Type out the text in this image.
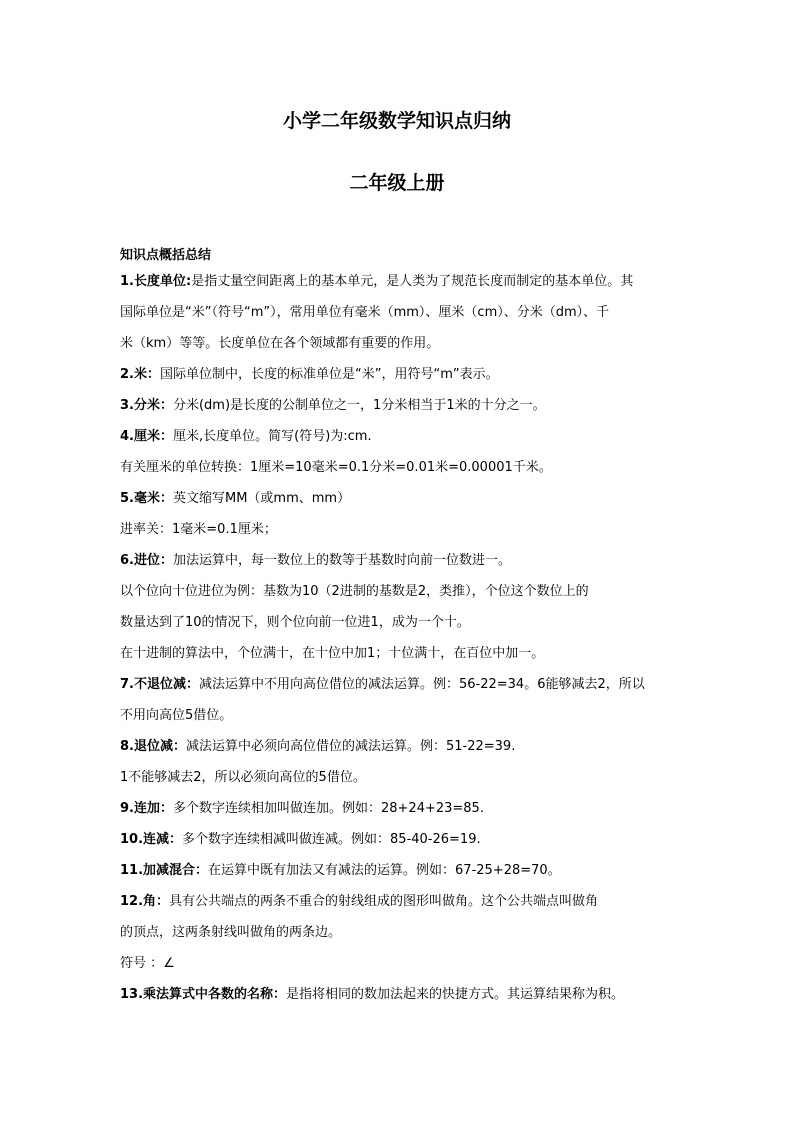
小学二年级数学知识点归纳
二年级上册
知识点概括总结
1.长度单位:是指丈量空间距离上的基本单元，是人类为了规范长度而制定的基本单位。其
国际单位是“米”（符号“m”），常用单位有毫米（mm）、厘米（cm）、分米（dm）、千
米（km）等等。长度单位在各个领域都有重要的作用。
2.米：国际单位制中，长度的标准单位是“米”，用符号“m”表示。
3.分米：分米(dm)是长度的公制单位之一，1分米相当于1米的十分之一。
4.厘米：厘米,长度单位。简写(符号)为:cm.
有关厘米的单位转换：1厘米=10毫米=0.1分米=0.01米=0.00001千米。
5.毫米：英文缩写MM（或mm、mm）
进率关：1毫米=0.1厘米；
6.进位：加法运算中，每一数位上的数等于基数时向前一位数进一。
以个位向十位进位为例：基数为10（2进制的基数是2，类推），个位这个数位上的
数量达到了10的情况下，则个位向前一位进1，成为一个十。
在十进制的算法中，个位满十，在十位中加1；十位满十，在百位中加一。
7.不退位减：减法运算中不用向高位借位的减法运算。例：56-22=34。6能够减去2，所以
不用向高位5借位。
8.退位减：减法运算中必须向高位借位的减法运算。例：51-22=39.
1不能够减去2，所以必须向高位的5借位。
9.连加：多个数字连续相加叫做连加。例如：28+24+23=85.
10.连减：多个数字连续相减叫做连减。例如：85-40-26=19.
11.加减混合：在运算中既有加法又有减法的运算。例如：67-25+28=70。
12.角：具有公共端点的两条不重合的射线组成的图形叫做角。这个公共端点叫做角
的顶点，这两条射线叫做角的两条边。
符号 ：∠
13.乘法算式中各数的名称：是指将相同的数加法起来的快捷方式。其运算结果称为积。
